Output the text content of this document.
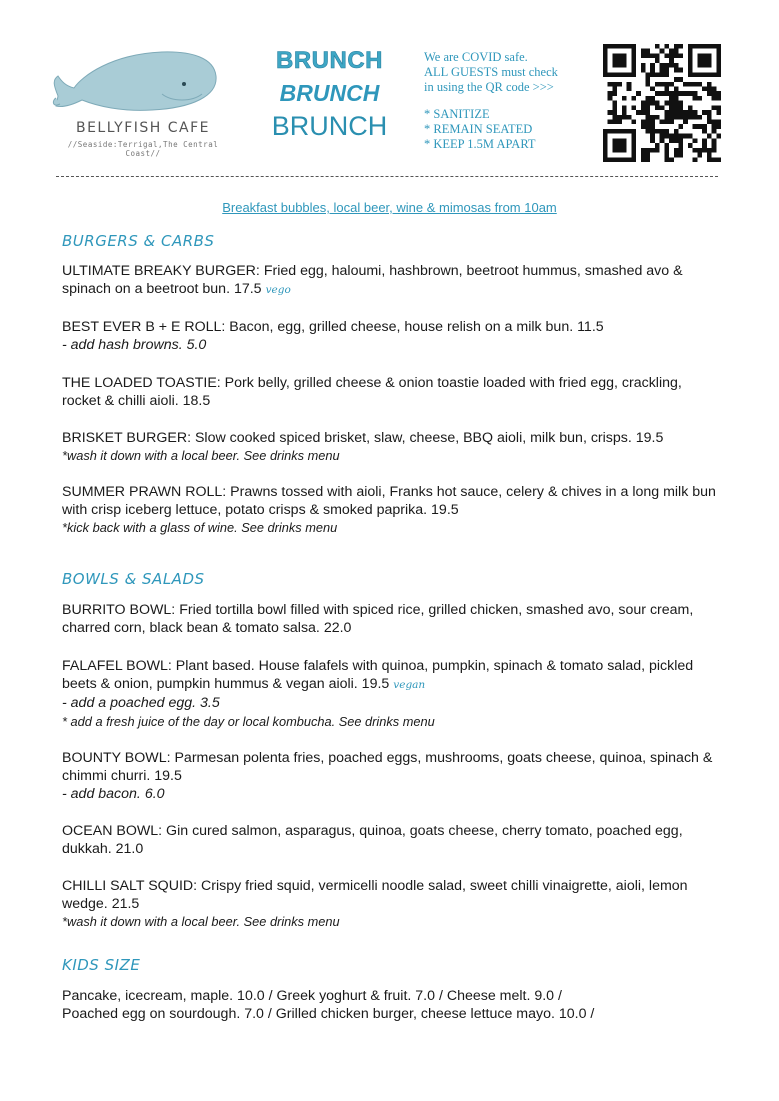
BELLYFISH CAFE
//Seaside:Terrigal,The Central Coast//
BRUNCH
BRUNCH
BRUNCH
We are COVID safe.
ALL GUESTS must check
in using the QR code >>>
* SANITIZE
* REMAIN SEATED
* KEEP 1.5M APART
Breakfast bubbles, local beer, wine & mimosas from 10am
BURGERS & CARBS
ULTIMATE BREAKY BURGER: Fried egg, haloumi, hashbrown, beetroot hummus, smashed avo & spinach on a beetroot bun. 17.5 vego
BEST EVER B + E ROLL: Bacon, egg, grilled cheese, house relish on a milk bun. 11.5
- add hash browns. 5.0
THE LOADED TOASTIE: Pork belly, grilled cheese & onion toastie loaded with fried egg, crackling, rocket & chilli aioli. 18.5
BRISKET BURGER: Slow cooked spiced brisket, slaw, cheese, BBQ aioli, milk bun, crisps. 19.5
*wash it down with a local beer. See drinks menu
SUMMER PRAWN ROLL: Prawns tossed with aioli, Franks hot sauce, celery & chives in a long milk bun with crisp iceberg lettuce, potato crisps & smoked paprika. 19.5
*kick back with a glass of wine. See drinks menu
BOWLS & SALADS
BURRITO BOWL: Fried tortilla bowl filled with spiced rice, grilled chicken, smashed avo, sour cream, charred corn, black bean & tomato salsa. 22.0
FALAFEL BOWL: Plant based. House falafels with quinoa, pumpkin, spinach & tomato salad, pickled beets & onion, pumpkin hummus & vegan aioli. 19.5 vegan
- add a poached egg. 3.5
* add a fresh juice of the day or local kombucha. See drinks menu
BOUNTY BOWL: Parmesan polenta fries, poached eggs, mushrooms, goats cheese, quinoa, spinach & chimmi churri. 19.5
- add bacon. 6.0
OCEAN BOWL: Gin cured salmon, asparagus, quinoa, goats cheese, cherry tomato, poached egg, dukkah. 21.0
CHILLI SALT SQUID: Crispy fried squid, vermicelli noodle salad, sweet chilli vinaigrette, aioli, lemon wedge. 21.5
*wash it down with a local beer. See drinks menu
KIDS SIZE
Pancake, icecream, maple. 10.0 / Greek yoghurt & fruit. 7.0 / Cheese melt. 9.0 /
Poached egg on sourdough. 7.0 / Grilled chicken burger, cheese lettuce mayo. 10.0 /
